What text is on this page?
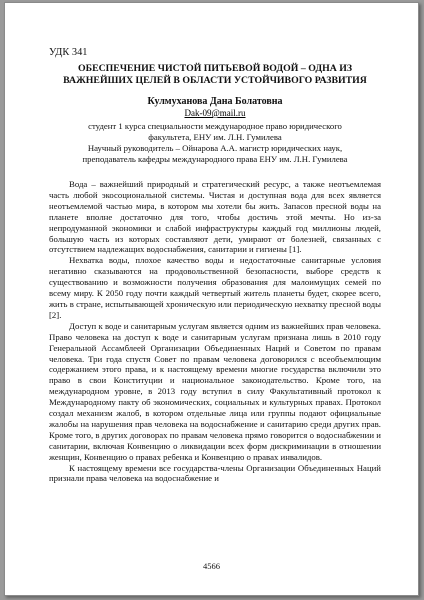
УДК 341
ОБЕСПЕЧЕНИЕ ЧИСТОЙ ПИТЬЕВОЙ ВОДОЙ – ОДНА ИЗ
ВАЖНЕЙШИХ ЦЕЛЕЙ В ОБЛАСТИ УСТОЙЧИВОГО РАЗВИТИЯ
Кулмуханова Дана Болатовна
Dak-09@mail.ru
студент 1 курса специальности международное право юридического
факультета, ЕНУ им. Л.Н. Гумилева
Научный руководитель – Ойнарова А.А. магистр юридических наук,
преподаватель кафедры международного права ЕНУ им. Л.Н. Гумилева

Вода – важнейший природный и стратегический ресурс, а также неотъемлемая часть любой экосоциональной системы. Чистая и доступная вода для всех является неотъемлемой частью мира, в котором мы хотели бы жить. Запасов пресной воды на планете вполне достаточно для того, чтобы достичь этой мечты. Но из-за непродуманной экономики и слабой инфраструктуры каждый год миллионы людей, большую часть из которых составляют дети, умирают от болезней, связанных с отсутствием надлежащих водоснабжения, санитарии и гигиены [1].

Нехватка воды, плохое качество воды и недостаточные санитарные условия негативно сказываются на продовольственной безопасности, выборе средств к существованию и возможности получения образования для малоимущих семей по всему миру. К 2050 году почти каждый четвертый житель планеты будет, скорее всего, жить в стране, испытывающей хроническую или периодическую нехватку пресной воды [2].

Доступ к воде и санитарным услугам является одним из важнейших прав человека. Право человека на доступ к воде и санитарным услугам признана лишь в 2010 году Генеральной Ассамблеей Организации Объединенных Наций и Советом по правам человека. Три года спустя Совет по правам человека договорился с всеобъемлющим содержанием этого права, и к настоящему времени многие государства включили это право в свои Конституции и национальное законодательство. Кроме того, на международном уровне, в 2013 году вступил в силу Факультативный протокол к Международному пакту об экономических, социальных и культурных правах. Протокол создал механизм жалоб, в котором отдельные лица или группы подают официальные жалобы на нарушения прав человека на водоснабжение и санитарию среди других прав. Кроме того, в других договорах по правам человека прямо говорится о водоснабжении и санитарии, включая Конвенцию о ликвидации всех форм дискриминации в отношении женщин, Конвенцию о правах ребенка и Конвенцию о правах инвалидов.

К настоящему времени все государства-члены Организации Объединенных Наций признали права человека на водоснабжение и

4566
